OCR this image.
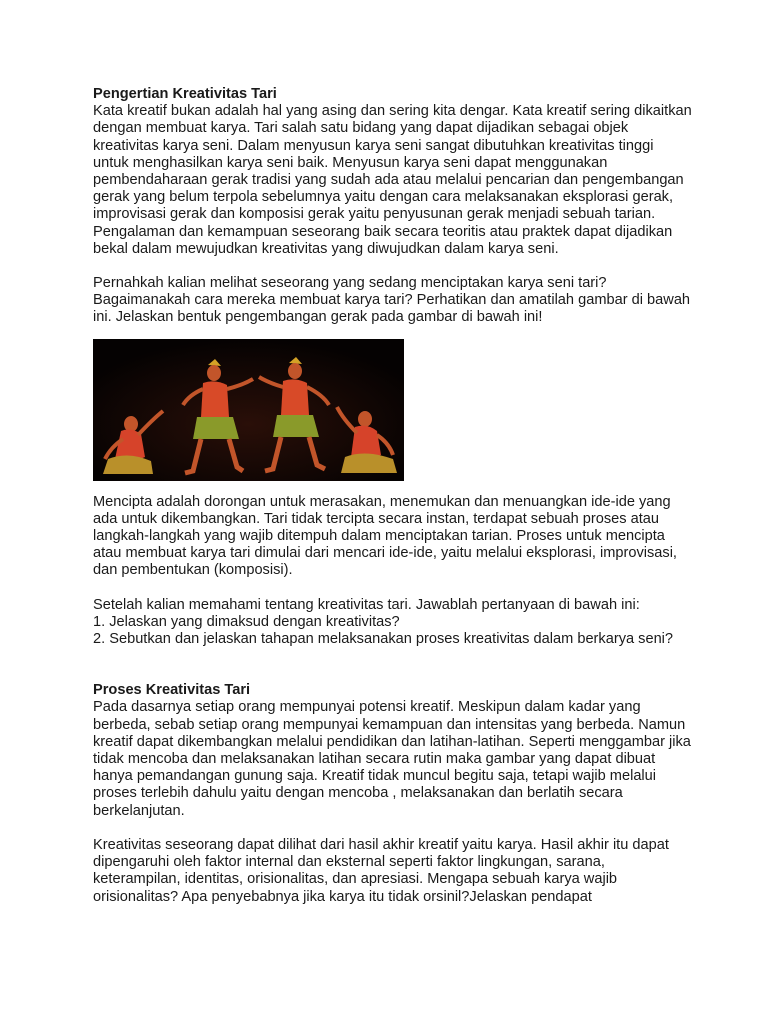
Pengertian Kreativitas Tari

Kata kreatif bukan adalah hal yang asing dan sering kita dengar. Kata kreatif sering dikaitkan dengan membuat karya. Tari salah satu bidang yang dapat dijadikan sebagai objek kreativitas karya seni. Dalam menyusun karya seni sangat dibutuhkan kreativitas tinggi untuk menghasilkan karya seni baik. Menyusun karya seni dapat menggunakan pembendaharaan gerak tradisi yang sudah ada atau melalui pencarian dan pengembangan gerak yang belum terpola sebelumnya yaitu dengan cara melaksanakan eksplorasi gerak, improvisasi gerak dan komposisi gerak yaitu penyusunan gerak menjadi sebuah tarian. Pengalaman dan kemampuan seseorang baik secara teoritis atau praktek dapat dijadikan bekal dalam mewujudkan kreativitas yang diwujudkan dalam karya seni.

Pernahkah kalian melihat seseorang yang sedang menciptakan karya seni tari? Bagaimanakah cara mereka membuat karya tari? Perhatikan dan amatilah gambar di bawah ini. Jelaskan bentuk pengembangan gerak pada gambar di bawah ini!

Mencipta adalah dorongan untuk merasakan, menemukan dan menuangkan ide-ide yang ada untuk dikembangkan. Tari tidak tercipta secara instan, terdapat sebuah proses atau langkah-langkah yang wajib ditempuh dalam menciptakan tarian. Proses untuk mencipta atau membuat karya tari dimulai dari mencari ide-ide, yaitu melalui eksplorasi, improvisasi, dan pembentukan (komposisi).

Setelah kalian memahami tentang kreativitas tari. Jawablah pertanyaan di bawah ini:

1. Jelaskan yang dimaksud dengan kreativitas?

2. Sebutkan dan jelaskan tahapan melaksanakan proses kreativitas dalam berkarya seni?

Proses Kreativitas Tari

Pada dasarnya setiap orang mempunyai potensi kreatif. Meskipun dalam kadar yang berbeda, sebab setiap orang mempunyai kemampuan dan intensitas yang berbeda. Namun kreatif dapat dikembangkan melalui pendidikan dan latihan-latihan. Seperti menggambar jika tidak mencoba dan melaksanakan latihan secara rutin maka gambar yang dapat dibuat hanya pemandangan gunung saja. Kreatif tidak muncul begitu saja, tetapi wajib melalui proses terlebih dahulu yaitu dengan mencoba , melaksanakan dan berlatih secara berkelanjutan.

Kreativitas seseorang dapat dilihat dari hasil akhir kreatif yaitu karya. Hasil akhir itu dapat dipengaruhi oleh faktor internal dan eksternal seperti faktor lingkungan, sarana, keterampilan, identitas, orisionalitas, dan apresiasi. Mengapa sebuah karya wajib orisionalitas? Apa penyebabnya jika karya itu tidak orsinil?Jelaskan pendapat
